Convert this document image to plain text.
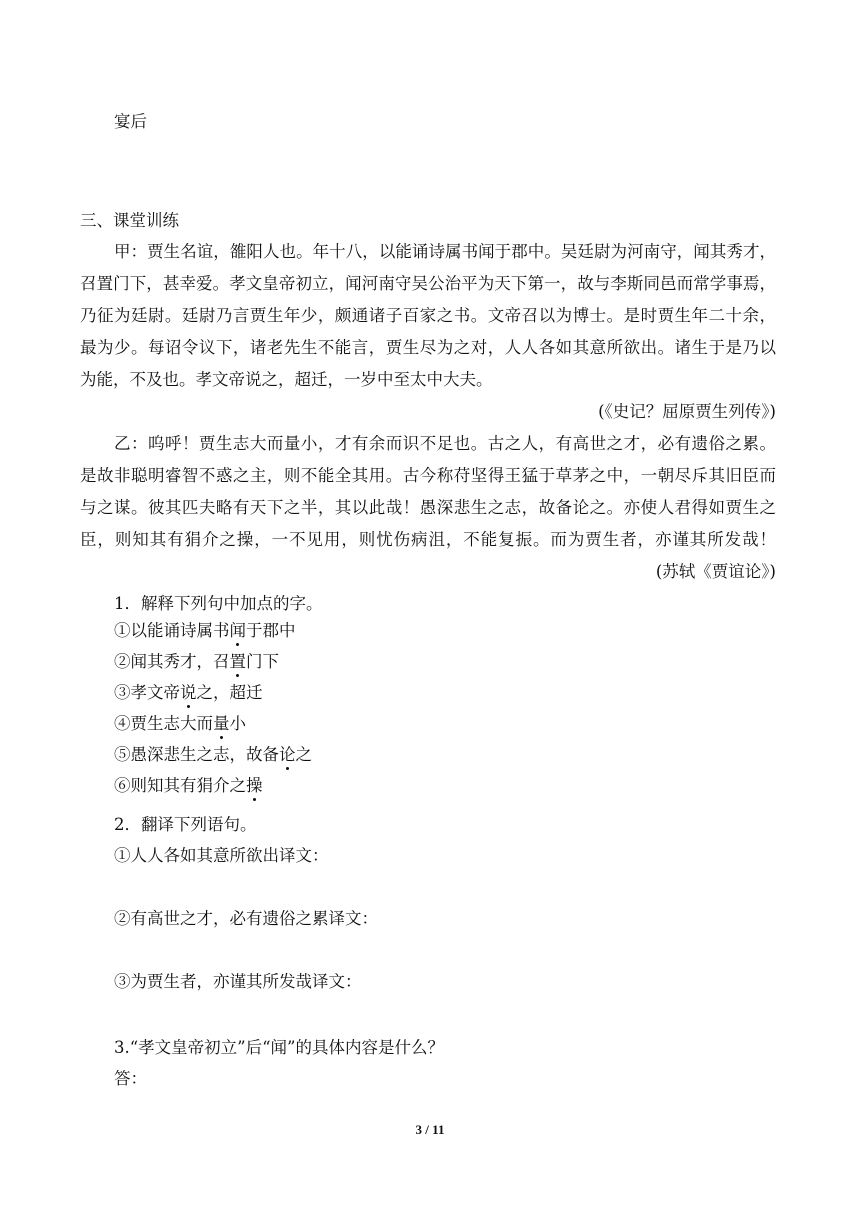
宴后
三、课堂训练
甲：贾生名谊，雒阳人也。年十八，以能诵诗属书闻于郡中。吴廷尉为河南守，闻其秀才，
召置门下，甚幸爱。孝文皇帝初立，闻河南守吴公治平为天下第一，故与李斯同邑而常学事焉，
乃征为廷尉。廷尉乃言贾生年少，颇通诸子百家之书。文帝召以为博士。是时贾生年二十余，
最为少。每诏令议下，诸老先生不能言，贾生尽为之对，人人各如其意所欲出。诸生于是乃以
为能，不及也。孝文帝说之，超迁，一岁中至太中大夫。
(《史记？屈原贾生列传》)
乙：呜呼！贾生志大而量小，才有余而识不足也。古之人，有高世之才，必有遗俗之累。
是故非聪明睿智不惑之主，则不能全其用。古今称苻坚得王猛于草茅之中，一朝尽斥其旧臣而
与之谋。彼其匹夫略有天下之半，其以此哉！愚深悲生之志，故备论之。亦使人君得如贾生之
臣，则知其有狷介之操，一不见用，则忧伤病沮，不能复振。而为贾生者，亦谨其所发哉！
(苏轼《贾谊论》)
1．解释下列句中加点的字。
①以能诵诗属书闻于郡中
②闻其秀才，召置门下
③孝文帝说之，超迁
④贾生志大而量小
⑤愚深悲生之志，故备论之
⑥则知其有狷介之操
2．翻译下列语句。
①人人各如其意所欲出译文：
②有高世之才，必有遗俗之累译文：
③为贾生者，亦谨其所发哉译文：
3.“孝文皇帝初立”后“闻”的具体内容是什么？
答：
3 / 11
